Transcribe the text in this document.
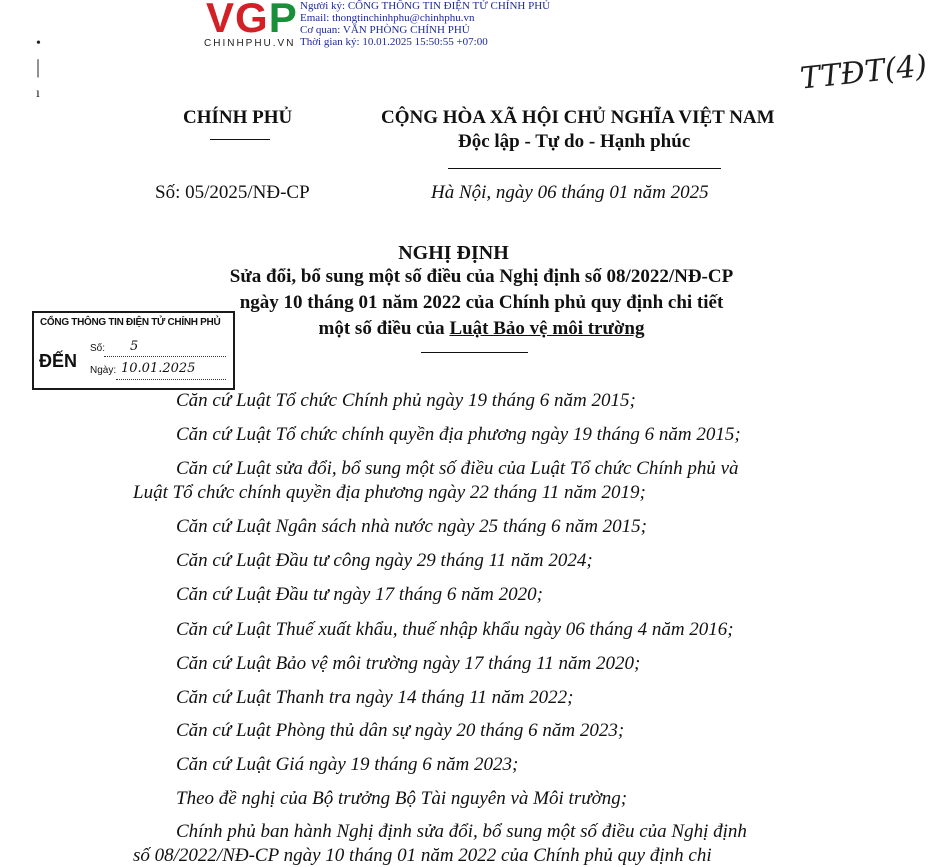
VGP
CHINHPHU.VN
Người ký: CỔNG THÔNG TIN ĐIỆN TỬ CHÍNH PHỦ
Email: thongtinchinhphu@chinhphu.vn
Cơ quan: VĂN PHÒNG CHÍNH PHỦ
Thời gian ký: 10.01.2025 15:50:55 +07:00
•
|
ı	TTĐT(4)
CHÍNH PHỦ	CỘNG HÒA XÃ HỘI CHỦ NGHĨA VIỆT NAM
Độc lập - Tự do - Hạnh phúc
Số: 05/2025/NĐ-CP	Hà Nội, ngày 06 tháng 01 năm 2025
NGHỊ ĐỊNH
Sửa đổi, bổ sung một số điều của Nghị định số 08/2022/NĐ-CP
ngày 10 tháng 01 năm 2022 của Chính phủ quy định chi tiết
một số điều của Luật Bảo vệ môi trường
CỔNG THÔNG TIN ĐIỆN TỬ CHÍNH PHỦ
ĐẾN
Số: 5
Ngày: 10.01.2025
Căn cứ Luật Tổ chức Chính phủ ngày 19 tháng 6 năm 2015;
Căn cứ Luật Tổ chức chính quyền địa phương ngày 19 tháng 6 năm 2015;
Căn cứ Luật sửa đổi, bổ sung một số điều của Luật Tổ chức Chính phủ và
Luật Tổ chức chính quyền địa phương ngày 22 tháng 11 năm 2019;
Căn cứ Luật Ngân sách nhà nước ngày 25 tháng 6 năm 2015;
Căn cứ Luật Đầu tư công ngày 29 tháng 11 năm 2024;
Căn cứ Luật Đầu tư ngày 17 tháng 6 năm 2020;
Căn cứ Luật Thuế xuất khẩu, thuế nhập khẩu ngày 06 tháng 4 năm 2016;
Căn cứ Luật Bảo vệ môi trường ngày 17 tháng 11 năm 2020;
Căn cứ Luật Thanh tra ngày 14 tháng 11 năm 2022;
Căn cứ Luật Phòng thủ dân sự ngày 20 tháng 6 năm 2023;
Căn cứ Luật Giá ngày 19 tháng 6 năm 2023;
Theo đề nghị của Bộ trưởng Bộ Tài nguyên và Môi trường;
Chính phủ ban hành Nghị định sửa đổi, bổ sung một số điều của Nghị định
số 08/2022/NĐ-CP ngày 10 tháng 01 năm 2022 của Chính phủ quy định chi
